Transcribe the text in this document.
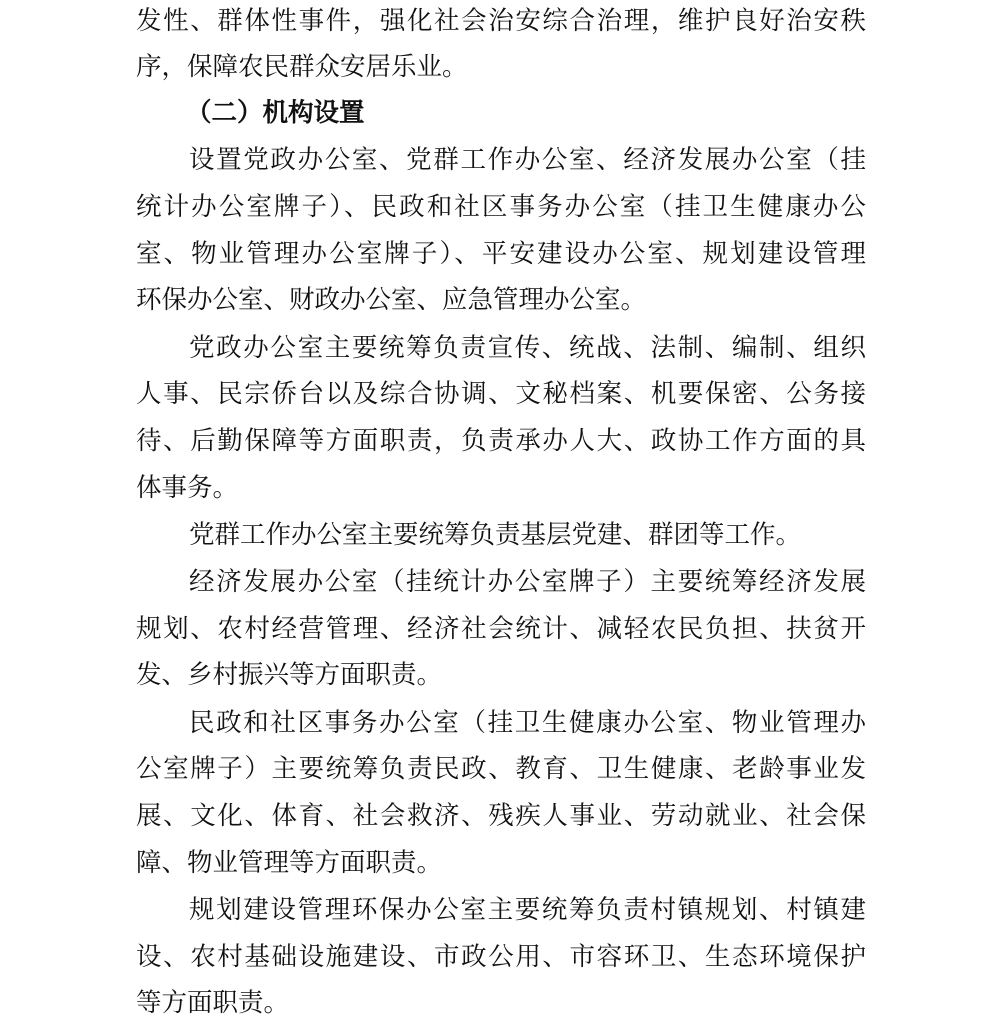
发性、群体性事件，强化社会治安综合治理，维护良好治安秩
序，保障农民群众安居乐业。
（二）机构设置
设置党政办公室、党群工作办公室、经济发展办公室（挂
统计办公室牌子）、民政和社区事务办公室（挂卫生健康办公
室、物业管理办公室牌子）、平安建设办公室、规划建设管理
环保办公室、财政办公室、应急管理办公室。
党政办公室主要统筹负责宣传、统战、法制、编制、组织
人事、民宗侨台以及综合协调、文秘档案、机要保密、公务接
待、后勤保障等方面职责，负责承办人大、政协工作方面的具
体事务。
党群工作办公室主要统筹负责基层党建、群团等工作。
经济发展办公室（挂统计办公室牌子）主要统筹经济发展
规划、农村经营管理、经济社会统计、减轻农民负担、扶贫开
发、乡村振兴等方面职责。
民政和社区事务办公室（挂卫生健康办公室、物业管理办
公室牌子）主要统筹负责民政、教育、卫生健康、老龄事业发
展、文化、体育、社会救济、残疾人事业、劳动就业、社会保
障、物业管理等方面职责。
规划建设管理环保办公室主要统筹负责村镇规划、村镇建
设、农村基础设施建设、市政公用、市容环卫、生态环境保护
等方面职责。
